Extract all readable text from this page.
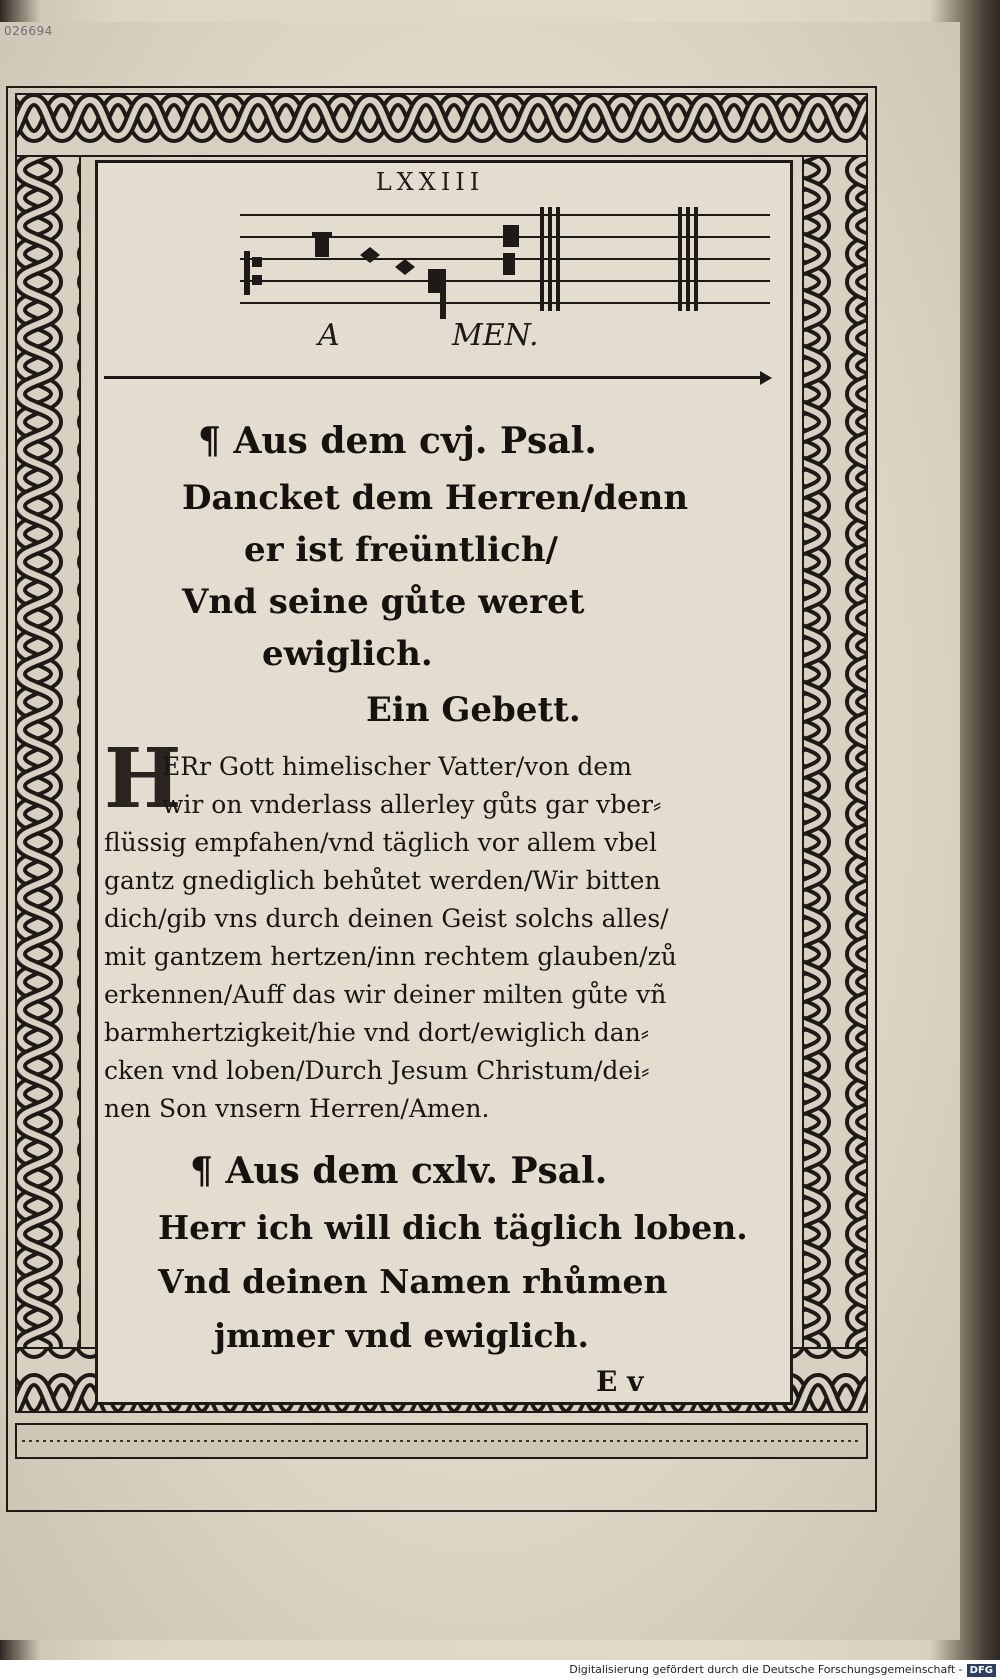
026694
LXXIII
A	MEN.
¶ Aus dem cvj. Psal.
Dancket dem Herren/denn
er ist freüntlich/
Vnd seine gůte weret
ewiglich.
Ein Gebett.
H
ERr Gott himelischer Vatter/von dem
wir on vnderlass allerley gůts gar vber⸗
flüssig empfahen/vnd täglich vor allem vbel
gantz gnediglich behůtet werden/Wir bitten
dich/gib vns durch deinen Geist solchs alles/
mit gantzem hertzen/inn rechtem glauben/zů
erkennen/Auff das wir deiner milten gůte vñ
barmhertzigkeit/hie vnd dort/ewiglich dan⸗
cken vnd loben/Durch Jesum Christum/dei⸗
nen Son vnsern Herren/Amen.
¶ Aus dem cxlv. Psal.
Herr ich will dich täglich loben.
Vnd deinen Namen rhůmen
jmmer vnd ewiglich.
E v
Digitalisierung gefördert durch die Deutsche Forschungsgemeinschaft - DFG
